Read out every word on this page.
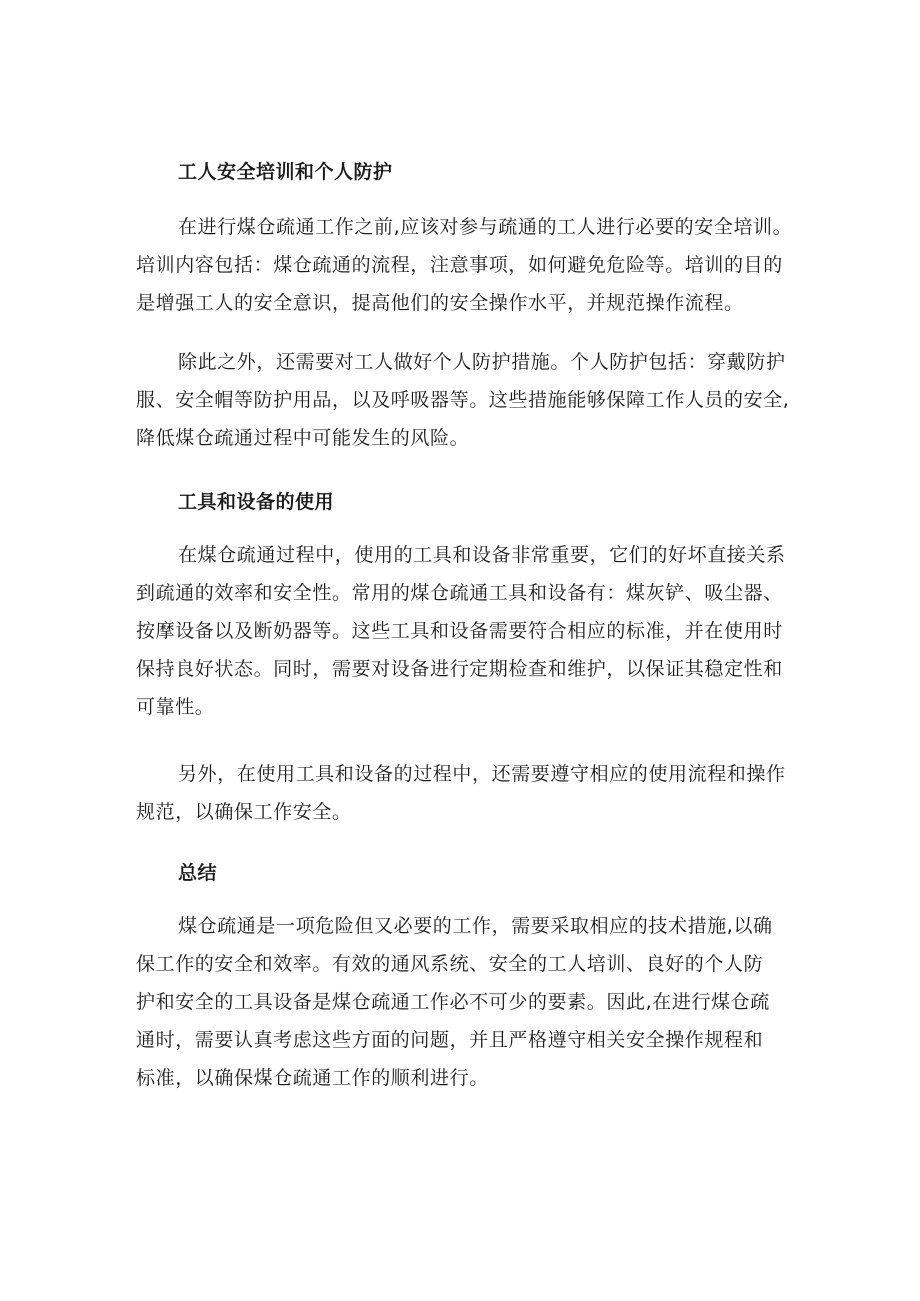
工人安全培训和个人防护
在进行煤仓疏通工作之前,应该对参与疏通的工人进行必要的安全培训。
培训内容包括：煤仓疏通的流程，注意事项，如何避免危险等。培训的目的
是增强工人的安全意识，提高他们的安全操作水平，并规范操作流程。
除此之外，还需要对工人做好个人防护措施。个人防护包括：穿戴防护
服、安全帽等防护用品，以及呼吸器等。这些措施能够保障工作人员的安全,
降低煤仓疏通过程中可能发生的风险。
工具和设备的使用
在煤仓疏通过程中，使用的工具和设备非常重要，它们的好坏直接关系
到疏通的效率和安全性。常用的煤仓疏通工具和设备有：煤灰铲、吸尘器、
按摩设备以及断奶器等。这些工具和设备需要符合相应的标准，并在使用时
保持良好状态。同时，需要对设备进行定期检查和维护，以保证其稳定性和
可靠性。
另外，在使用工具和设备的过程中，还需要遵守相应的使用流程和操作
规范，以确保工作安全。
总结
煤仓疏通是一项危险但又必要的工作，需要采取相应的技术措施,以确
保工作的安全和效率。有效的通风系统、安全的工人培训、良好的个人防
护和安全的工具设备是煤仓疏通工作必不可少的要素。因此,在进行煤仓疏
通时，需要认真考虑这些方面的问题，并且严格遵守相关安全操作规程和
标准，以确保煤仓疏通工作的顺利进行。
